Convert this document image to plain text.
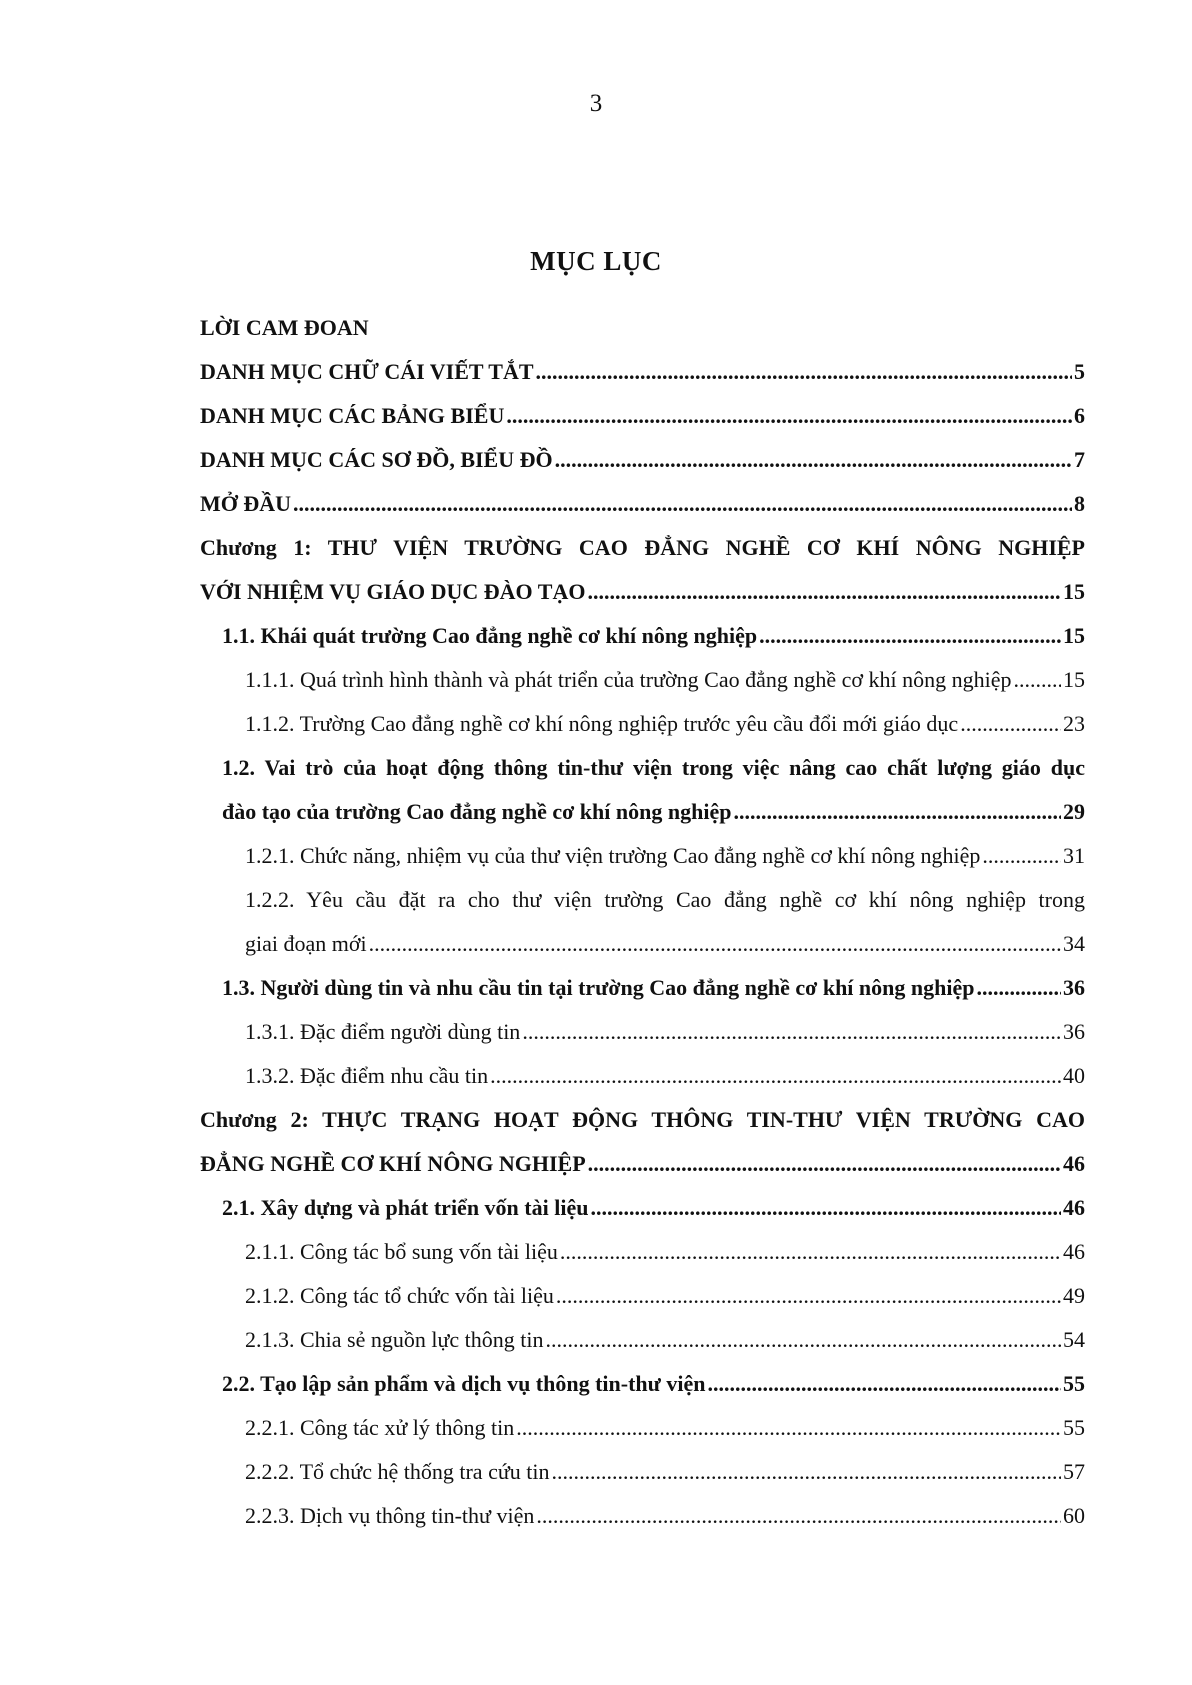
3
MỤC LỤC
LỜI CAM ĐOAN
DANH MỤC CHỮ CÁI VIẾT TẮT .....	5
DANH MỤC CÁC BẢNG BIỂU .....	6
DANH MỤC CÁC SƠ ĐỒ, BIỂU ĐỒ .....	7
MỞ ĐẦU .....	8
Chương 1: THƯ VIỆN TRƯỜNG CAO ĐẲNG NGHỀ CƠ KHÍ NÔNG NGHIỆP
VỚI NHIỆM VỤ GIÁO DỤC ĐÀO TẠO .....	15
1.1. Khái quát trường Cao đẳng nghề cơ khí nông nghiệp .....	15
1.1.1. Quá trình hình thành và phát triển của trường Cao đẳng nghề cơ khí nông nghiệp ..... 15
1.1.2. Trường Cao đẳng nghề cơ khí nông nghiệp trước yêu cầu đổi mới giáo dục .....	23
1.2. Vai trò của hoạt động thông tin-thư viện trong việc nâng cao chất lượng giáo dục
đào tạo của trường Cao đẳng nghề cơ khí nông nghiệp .....	29
1.2.1. Chức năng, nhiệm vụ của thư viện trường Cao đẳng nghề cơ khí nông nghiệp .....	31
1.2.2. Yêu cầu đặt ra cho thư viện trường Cao đẳng nghề cơ khí nông nghiệp trong
giai đoạn mới .....	34
1.3. Người dùng tin và nhu cầu tin tại trường Cao đẳng nghề cơ khí nông nghiệp .....	36
1.3.1. Đặc điểm người dùng tin .....	36
1.3.2. Đặc điểm nhu cầu tin .....	40
Chương 2: THỰC TRẠNG HOẠT ĐỘNG THÔNG TIN-THƯ VIỆN TRƯỜNG CAO
ĐẲNG NGHỀ CƠ KHÍ NÔNG NGHIỆP .....	46
2.1. Xây dựng và phát triển vốn tài liệu .....	46
2.1.1. Công tác bổ sung vốn tài liệu .....	46
2.1.2. Công tác tổ chức vốn tài liệu .....	49
2.1.3. Chia sẻ nguồn lực thông tin .....	54
2.2. Tạo lập sản phẩm và dịch vụ thông tin-thư viện .....	55
2.2.1. Công tác xử lý thông tin .....	55
2.2.2. Tổ chức hệ thống tra cứu tin .....	57
2.2.3. Dịch vụ thông tin-thư viện .....	60
